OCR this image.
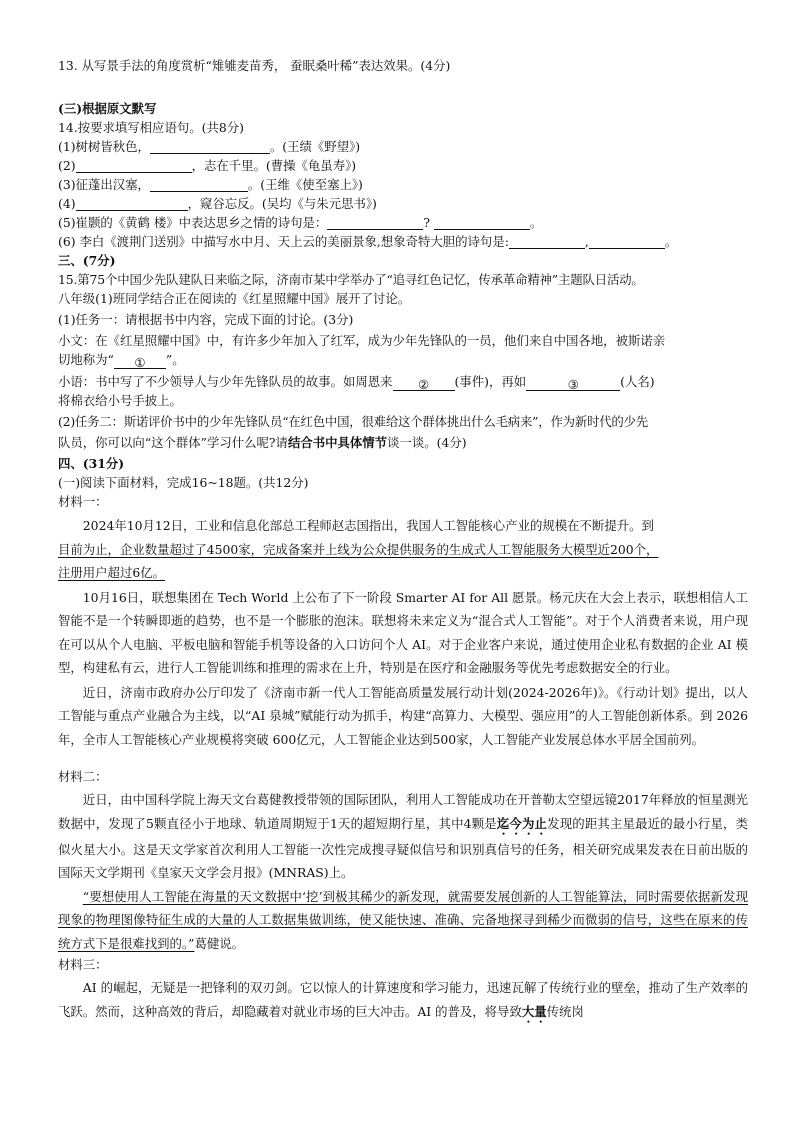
13. 从写景手法的角度赏析“雉雊麦苗秀， 蚕眠桑叶稀”表达效果。(4分)
(三)根据原文默写
14.按要求填写相应语句。(共8分)
(1)树树皆秋色，	。(王绩《野望》)
(2)	，志在千里。(曹操《龟虽寿》)
(3)征蓬出汉塞，	。(王维《使至塞上》)
(4)	，窥谷忘反。(吴均《与朱元思书》)
(5)崔颢的《黄鹤 楼》中表达思乡之情的诗句是：	?	。
(6) 李白《渡荆门送别》中描写水中月、天上云的美丽景象,想象奇特大胆的诗句是:	,	。
三、(7分)
15.第75个中国少先队建队日来临之际，济南市某中学举办了“追寻红色记忆，传承革命精神”主题队日活动。
八年级(1)班同学结合正在阅读的《红星照耀中国》展开了讨论。
(1)任务一：请根据书中内容，完成下面的讨论。(3分)
小文：在《红星照耀中国》中，有许多少年加入了红军，成为少年先锋队的一员，他们来自中国各地，被斯诺亲
切地称为“ ① ”。
小语：书中写了不少领导人与少年先锋队员的故事。如周恩来 ② (事件)，再如	③	(人名)
将棉衣给小号手披上。
(2)任务二：斯诺评价书中的少年先锋队员“在红色中国，很难给这个群体挑出什么毛病来”，作为新时代的少先
队员，你可以向“这个群体”学习什么呢?请结合书中具体情节谈一谈。(4分)
四、(31分)
(一)阅读下面材料，完成16~18题。(共12分)
材料一：
2024年10月12日，工业和信息化部总工程师赵志国指出，我国人工智能核心产业的规模在不断提升。到
目前为止，企业数量超过了4500家，完成备案并上线为公众提供服务的生成式人工智能服务大模型近200个，
注册用户超过6亿。
10月16日，联想集团在 Tech World 上公布了下一阶段 Smarter AI for All 愿景。杨元庆在大会上表示，联想相信人工智能不是一个转瞬即逝的趋势，也不是一个膨胀的泡沫。联想将未来定义为“混合式人工智能”。对于个人消费者来说，用户现在可以从个人电脑、平板电脑和智能手机等设备的入口访问个人 AI。对于企业客户来说，通过使用企业私有数据的企业 AI 模型，构建私有云，进行人工智能训练和推理的需求在上升，特别是在医疗和金融服务等优先考虑数据安全的行业。
近日，济南市政府办公厅印发了《济南市新一代人工智能高质量发展行动计划(2024-2026年)》。《行动计划》提出，以人工智能与重点产业融合为主线，以“AI 泉城”赋能行动为抓手，构建“高算力、大模型、强应用”的人工智能创新体系。到 2026 年，全市人工智能核心产业规模将突破 600亿元，人工智能企业达到500家，人工智能产业发展总体水平居全国前列。
材料二：
近日，由中国科学院上海天文台葛健教授带领的国际团队，利用人工智能成功在开普勒太空望远镜2017年释放的恒星测光数据中，发现了5颗直径小于地球、轨道周期短于1天的超短期行星，其中4颗是迄今为止发现的距其主星最近的最小行星，类似火星大小。这是天文学家首次利用人工智能一次性完成搜寻疑似信号和识别真信号的任务，相关研究成果发表在日前出版的国际天文学期刊《皇家天文学会月报》(MNRAS)上。
“要想使用人工智能在海量的天文数据中‘挖’到极其稀少的新发现，就需要发展创新的人工智能算法，同时需要依据新发现现象的物理图像特征生成的大量的人工数据集做训练，使又能快速、准确、完备地探寻到稀少而微弱的信号，这些在原来的传统方式下是很难找到的。”葛健说。
材料三：
AI 的崛起，无疑是一把锋利的双刃剑。它以惊人的计算速度和学习能力，迅速瓦解了传统行业的壁垒，推动了生产效率的飞跃。然而，这种高效的背后，却隐藏着对就业市场的巨大冲击。AI 的普及，将导致大量传统岗
